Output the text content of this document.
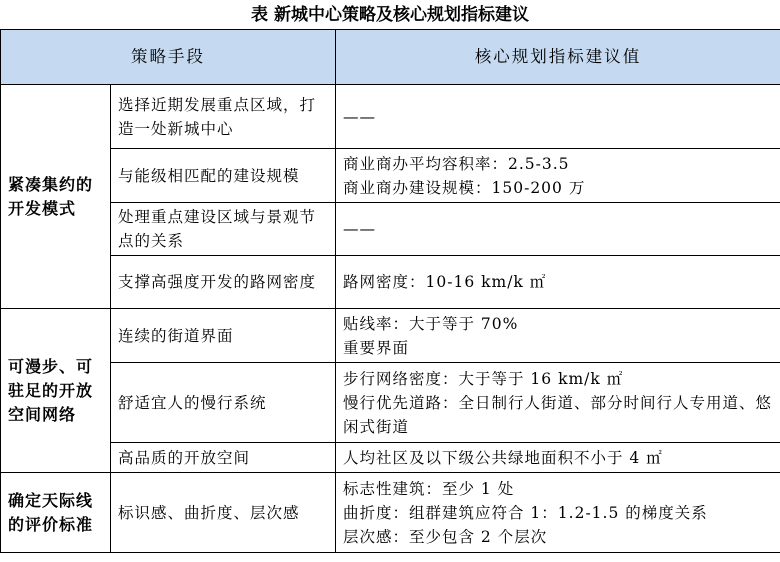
表 新城中心策略及核心规划指标建议
策略手段		核心规划指标建议值
紧凑集约的开发模式	选择近期发展重点区域，打造一处新城中心	——

	与能级相匹配的建设规模	商业商办平均容积率：2.5-3.5
商业商办建设规模：150-200 万

	处理重点建设区域与景观节点的关系	——

	支撑高强度开发的路网密度	路网密度：10-16 km/k ㎡

可漫步、可驻足的开放空间网络	连续的街道界面	贴线率：大于等于 70%
重要界面

	舒适宜人的慢行系统	步行网络密度：大于等于 16 km/k ㎡
慢行优先道路：全日制行人街道、部分时间行人专用道、悠闲式街道
	高品质的开放空间	人均社区及以下级公共绿地面积不小于 4 ㎡

确定天际线的评价标准	标识感、曲折度、层次感	标志性建筑：至少 1 处
曲折度：组群建筑应符合 1：1.2-1.5 的梯度关系
层次感：至少包含 2 个层次
